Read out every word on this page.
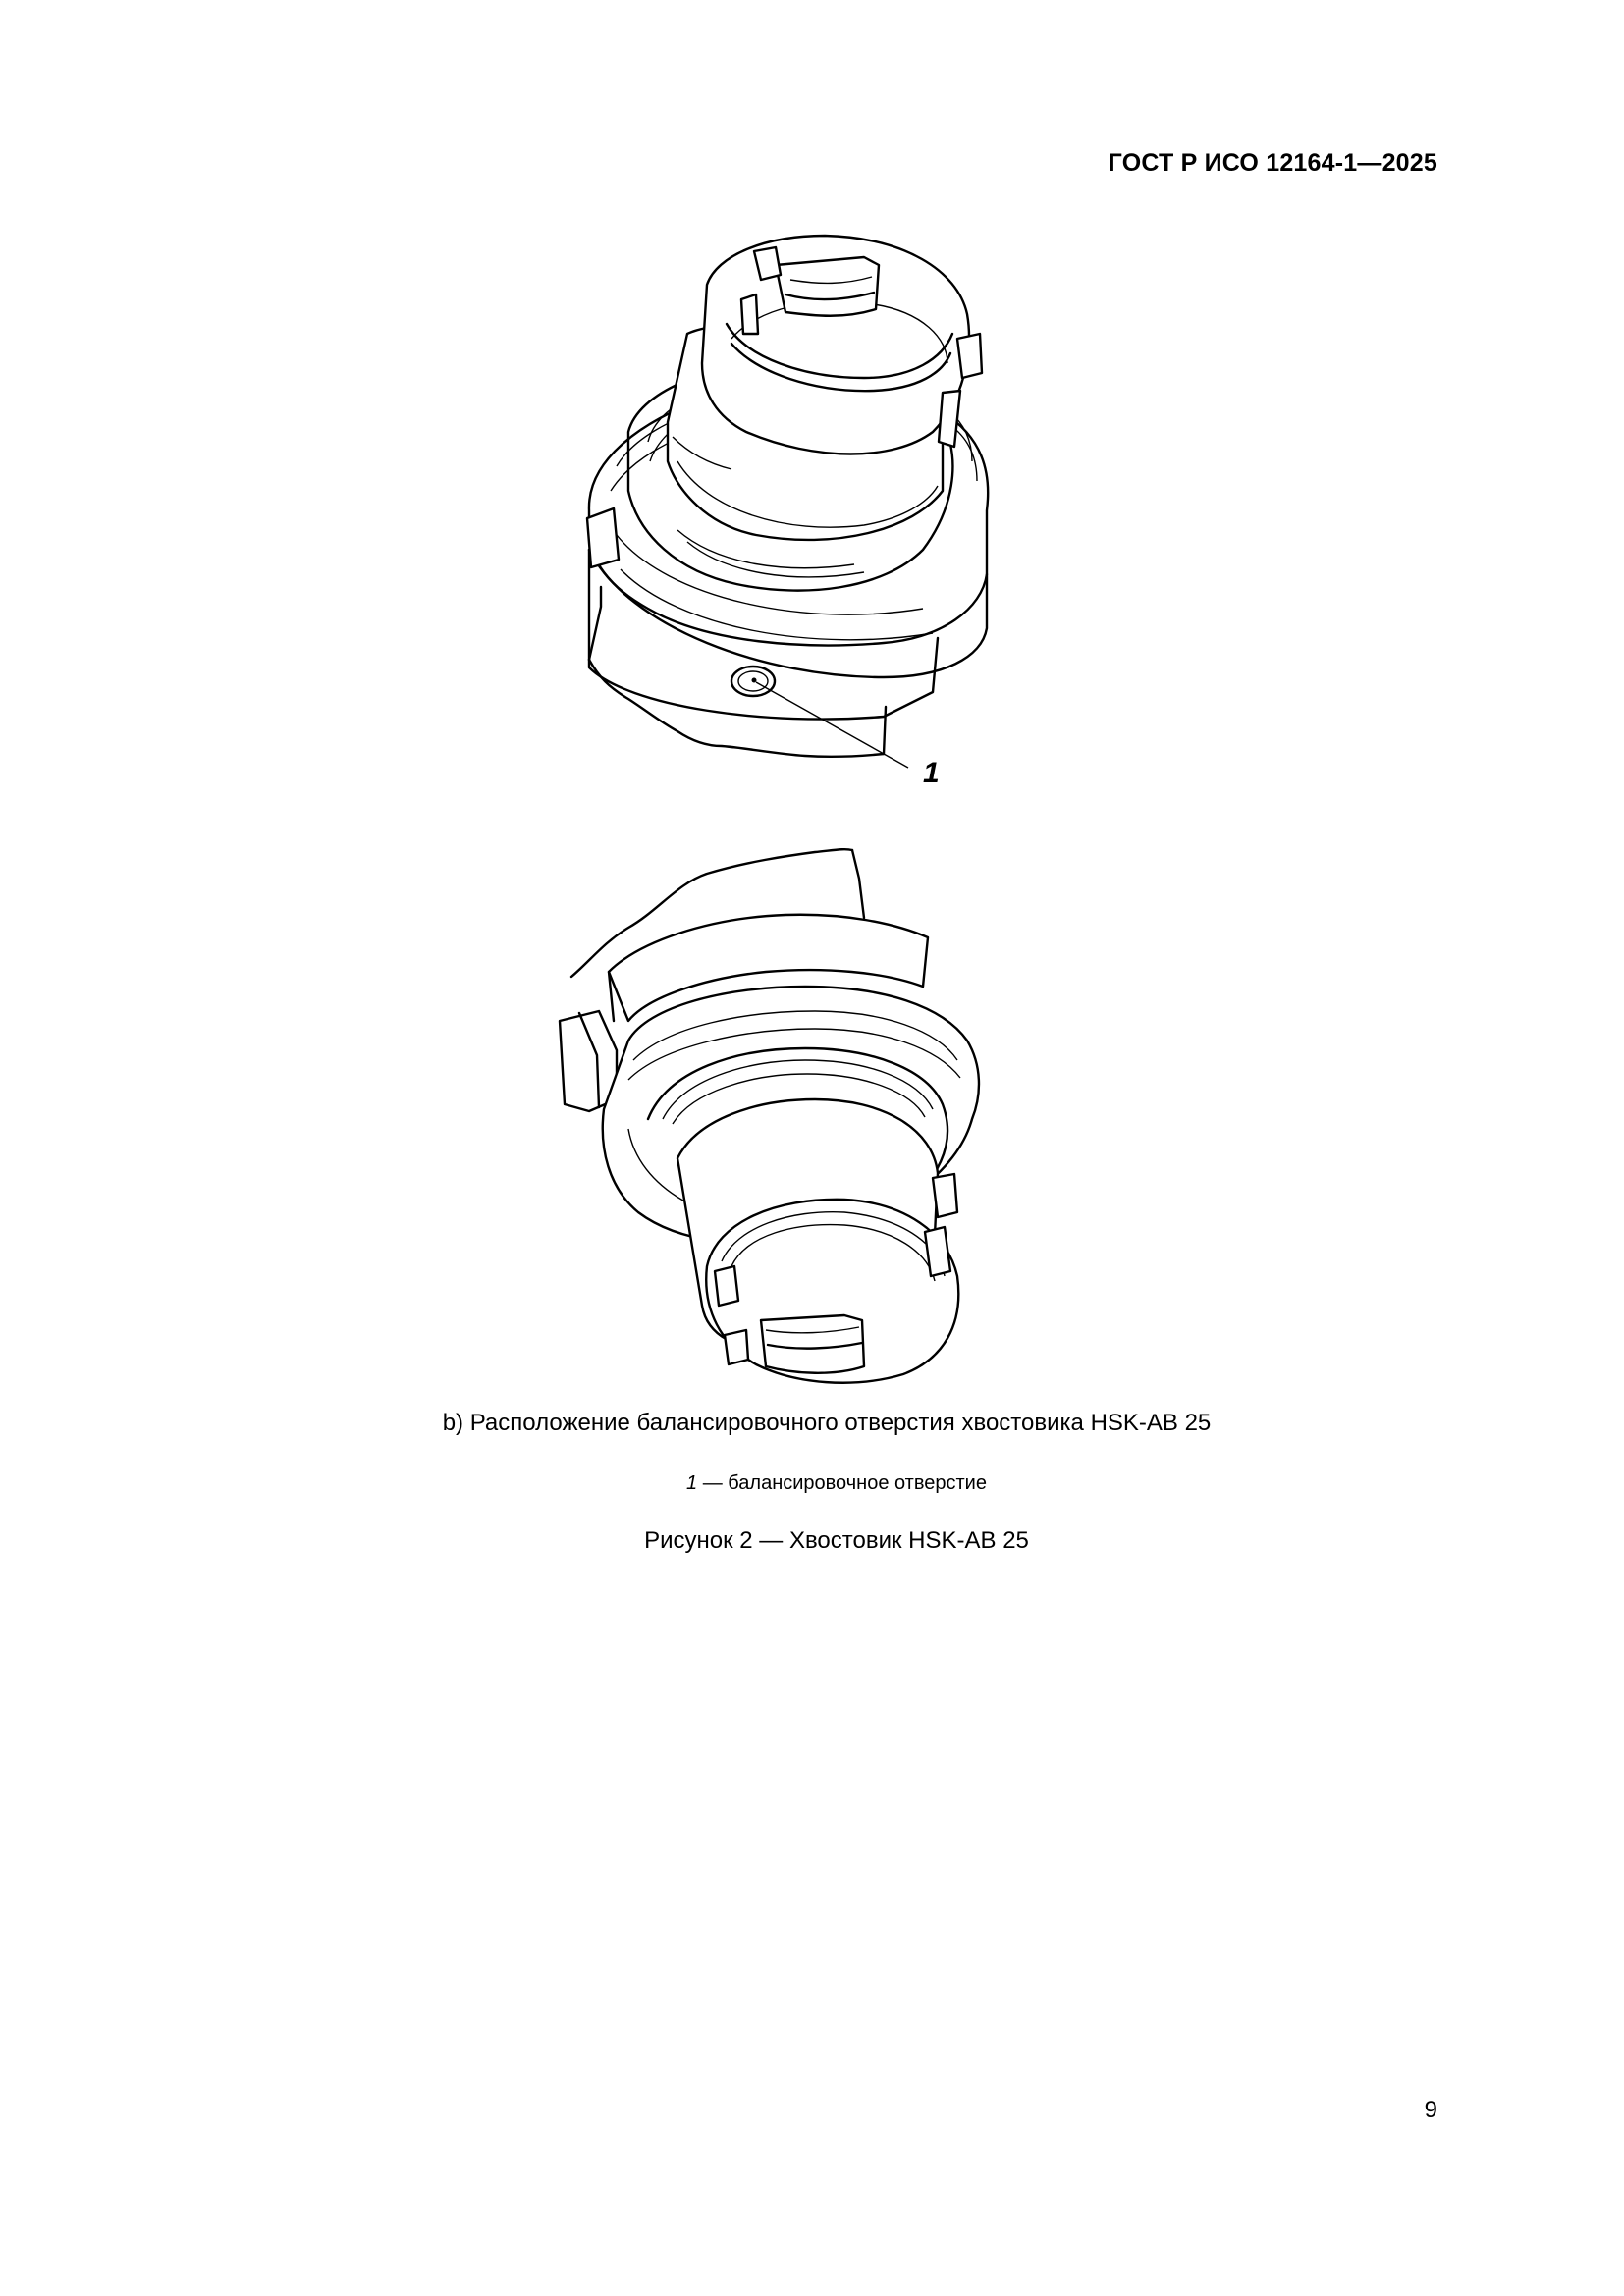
ГОСТ Р ИСО 12164-1—2025
1
b) Расположение балансировочного отверстия хвостовика HSK-AB 25
1 — балансировочное отверстие
Рисунок 2 — Хвостовик HSK-AB 25
9
